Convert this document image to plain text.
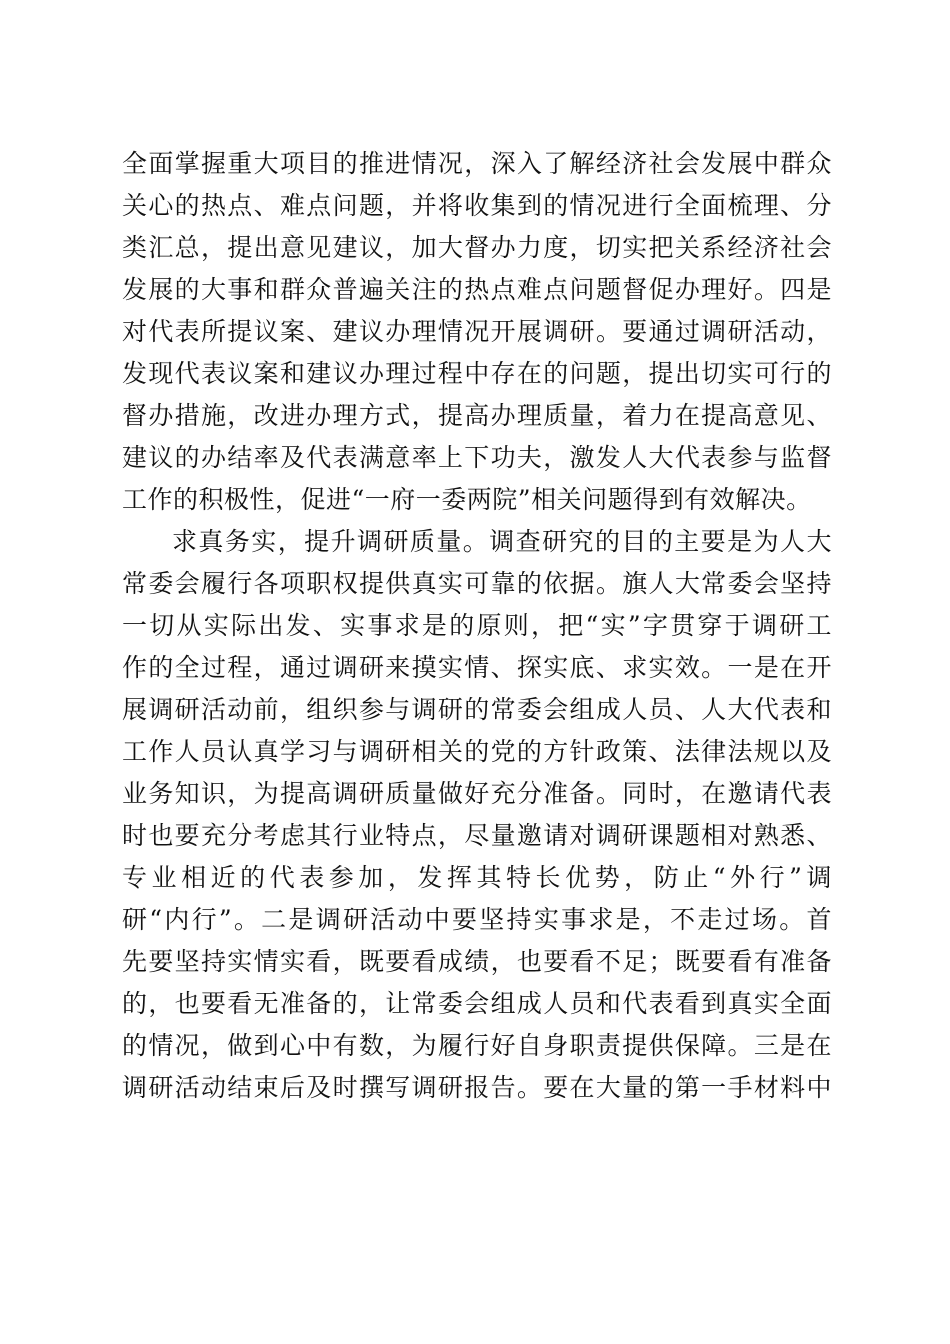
全面掌握重大项目的推进情况，深入了解经济社会发展中群众
关心的热点、难点问题，并将收集到的情况进行全面梳理、分
类汇总，提出意见建议，加大督办力度，切实把关系经济社会
发展的大事和群众普遍关注的热点难点问题督促办理好。四是
对代表所提议案、建议办理情况开展调研。要通过调研活动，
发现代表议案和建议办理过程中存在的问题，提出切实可行的
督办措施，改进办理方式，提高办理质量，着力在提高意见、
建议的办结率及代表满意率上下功夫，激发人大代表参与监督
工作的积极性，促进“一府一委两院”相关问题得到有效解决。
求真务实，提升调研质量。调查研究的目的主要是为人大
常委会履行各项职权提供真实可靠的依据。旗人大常委会坚持
一切从实际出发、实事求是的原则，把“实”字贯穿于调研工
作的全过程，通过调研来摸实情、探实底、求实效。一是在开
展调研活动前，组织参与调研的常委会组成人员、人大代表和
工作人员认真学习与调研相关的党的方针政策、法律法规以及
业务知识，为提高调研质量做好充分准备。同时，在邀请代表
时也要充分考虑其行业特点，尽量邀请对调研课题相对熟悉、
专业相近的代表参加，发挥其特长优势，防止“外行”调
研“内行”。二是调研活动中要坚持实事求是，不走过场。首
先要坚持实情实看，既要看成绩，也要看不足；既要看有准备
的，也要看无准备的，让常委会组成人员和代表看到真实全面
的情况，做到心中有数，为履行好自身职责提供保障。三是在
调研活动结束后及时撰写调研报告。要在大量的第一手材料中
